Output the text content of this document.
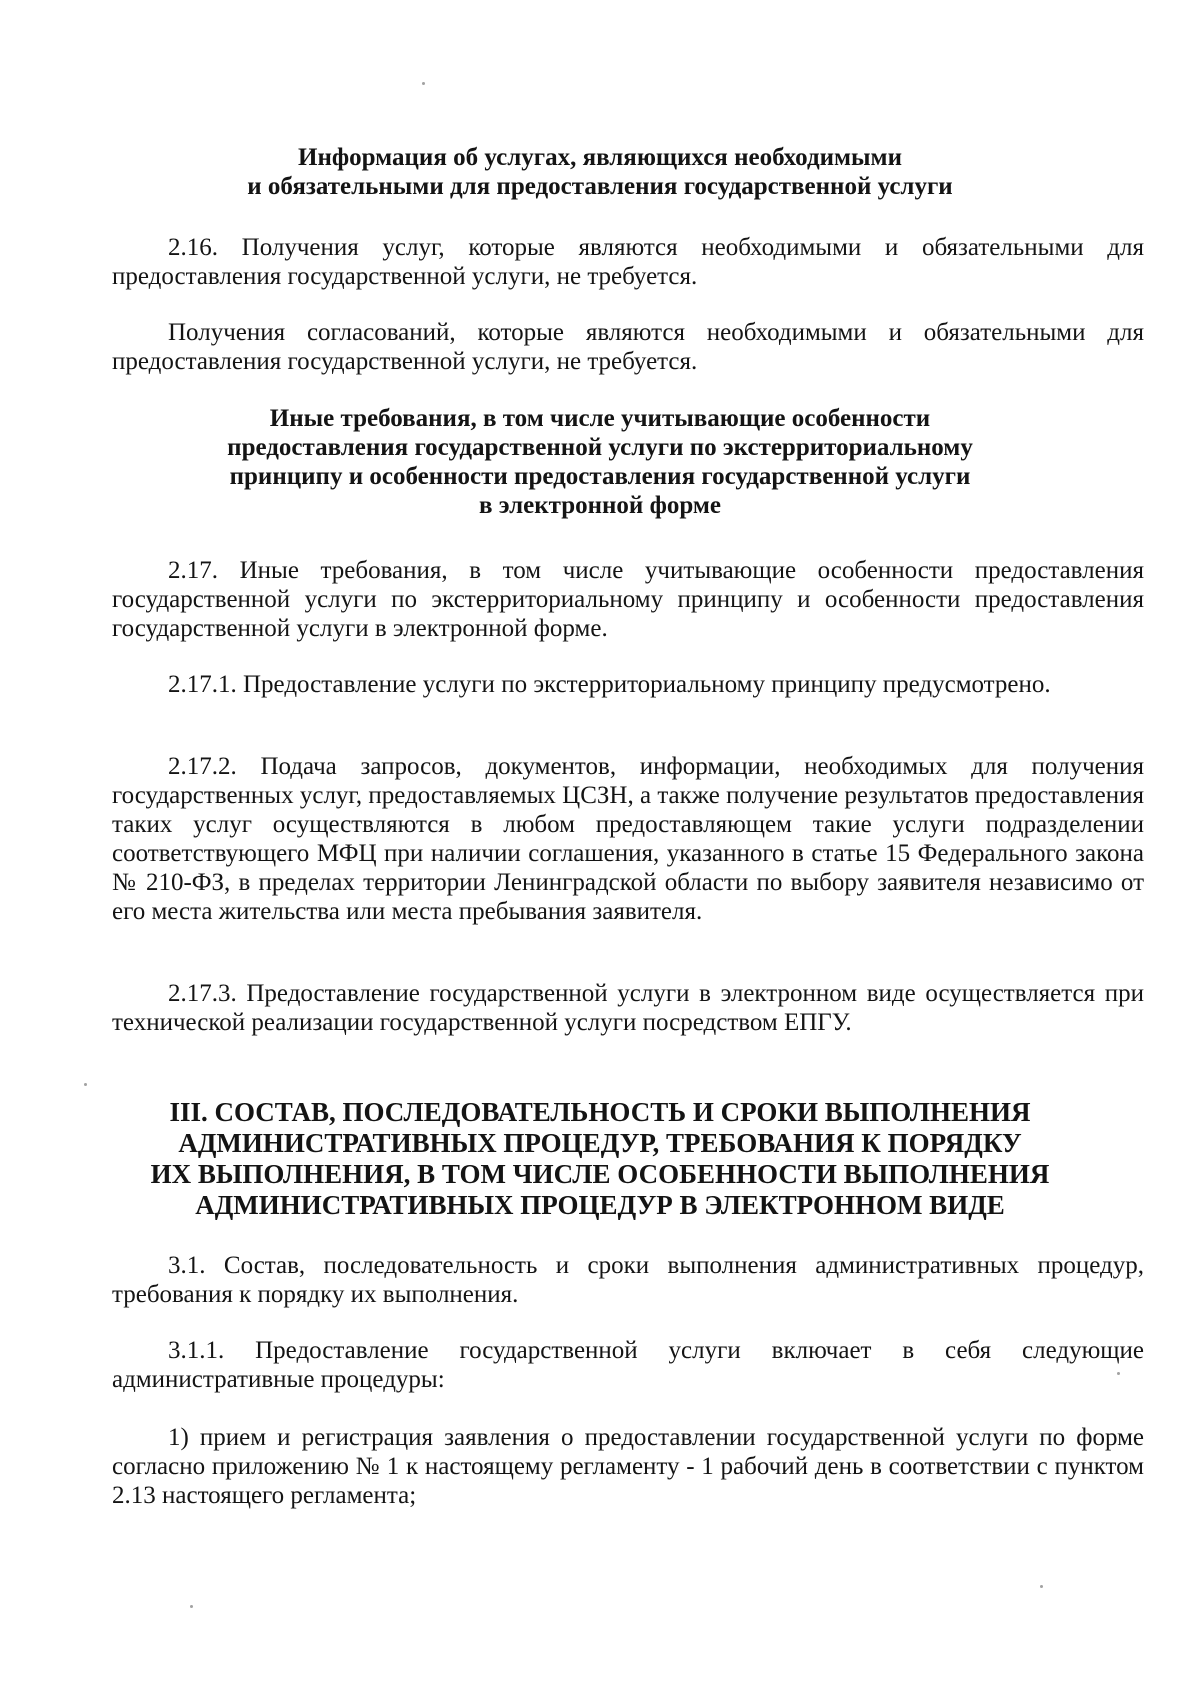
Информация об услугах, являющихся необходимыми
и обязательными для предоставления государственной услуги

2.16. Получения услуг, которые являются необходимыми и обязательными для предоставления государственной услуги, не требуется.

Получения согласований, которые являются необходимыми и обязательными для предоставления государственной услуги, не требуется.

Иные требования, в том числе учитывающие особенности
предоставления государственной услуги по экстерриториальному
принципу и особенности предоставления государственной услуги
в электронной форме

2.17. Иные требования, в том числе учитывающие особенности предоставления государственной услуги по экстерриториальному принципу и особенности предоставления государственной услуги в электронной форме.

2.17.1. Предоставление услуги по экстерриториальному принципу предусмотрено.

2.17.2. Подача запросов, документов, информации, необходимых для получения государственных услуг, предоставляемых ЦСЗН, а также получение результатов предоставления таких услуг осуществляются в любом предоставляющем такие услуги подразделении соответствующего МФЦ при наличии соглашения, указанного в статье 15 Федерального закона № 210-ФЗ, в пределах территории Ленинградской области по выбору заявителя независимо от его места жительства или места пребывания заявителя.

2.17.3. Предоставление государственной услуги в электронном виде осуществляется при технической реализации государственной услуги посредством ЕПГУ.

III. СОСТАВ, ПОСЛЕДОВАТЕЛЬНОСТЬ И СРОКИ ВЫПОЛНЕНИЯ
АДМИНИСТРАТИВНЫХ ПРОЦЕДУР, ТРЕБОВАНИЯ К ПОРЯДКУ
ИХ ВЫПОЛНЕНИЯ, В ТОМ ЧИСЛЕ ОСОБЕННОСТИ ВЫПОЛНЕНИЯ
АДМИНИСТРАТИВНЫХ ПРОЦЕДУР В ЭЛЕКТРОННОМ ВИДЕ

3.1. Состав, последовательность и сроки выполнения административных процедур, требования к порядку их выполнения.

3.1.1. Предоставление государственной услуги включает в себя следующие административные процедуры:

1) прием и регистрация заявления о предоставлении государственной услуги по форме согласно приложению № 1 к настоящему регламенту - 1 рабочий день в соответствии с пунктом 2.13 настоящего регламента;
